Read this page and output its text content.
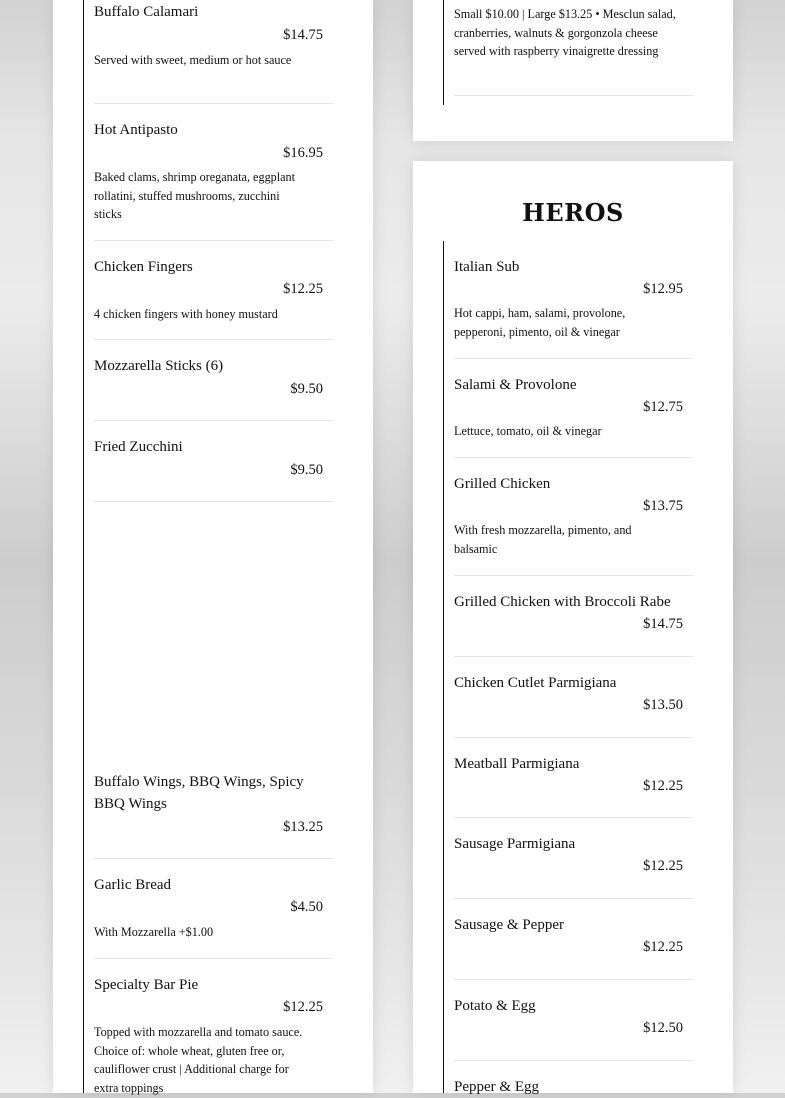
Buffalo Calamari
$14.75
Served with sweet, medium or hot sauce
Hot Antipasto
$16.95
Baked clams, shrimp oreganata, eggplant rollatini, stuffed mushrooms, zucchini sticks
Chicken Fingers
$12.25
4 chicken fingers with honey mustard
Mozzarella Sticks (6)
$9.50
Fried Zucchini
$9.50
Buffalo Wings, BBQ Wings, Spicy BBQ Wings
$13.25
Garlic Bread
$4.50
With Mozzarella +$1.00
Specialty Bar Pie
$12.25
Topped with mozzarella and tomato sauce. Choice of: whole wheat, gluten free or, cauliflower crust | Additional charge for extra toppings
Small $10.00 | Large $13.25 • Mesclun salad, cranberries, walnuts & gorgonzola cheese served with raspberry vinaigrette dressing
HEROS
Italian Sub
$12.95
Hot cappi, ham, salami, provolone, pepperoni, pimento, oil & vinegar
Salami & Provolone
$12.75
Lettuce, tomato, oil & vinegar
Grilled Chicken
$13.75
With fresh mozzarella, pimento, and balsamic
Grilled Chicken with Broccoli Rabe
$14.75
Chicken Cutlet Parmigiana
$13.50
Meatball Parmigiana
$12.25
Sausage Parmigiana
$12.25
Sausage & Pepper
$12.25
Potato & Egg
$12.50
Pepper & Egg
